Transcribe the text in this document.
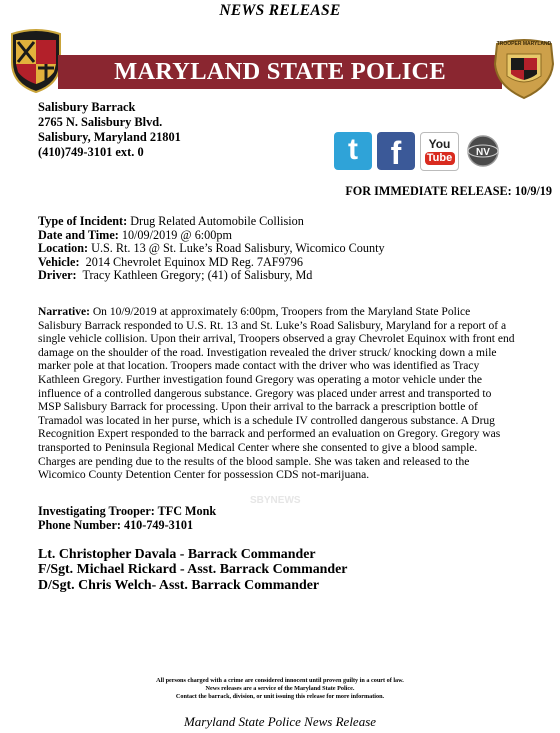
NEWS RELEASE
MARYLAND STATE POLICE
TROOPER MARYLAND
Salisbury Barrack
2765 N. Salisbury Blvd.
Salisbury, Maryland 21801
(410)749-3101 ext. 0	t	f	You
Tube NV
FOR IMMEDIATE RELEASE: 10/9/19
Type of Incident: Drug Related Automobile Collision
Date and Time: 10/09/2019 @ 6:00pm
Location: U.S. Rt. 13 @ St. Luke’s Road Salisbury, Wicomico County
Vehicle: 2014 Chevrolet Equinox MD Reg. 7AF9796
Driver: Tracy Kathleen Gregory; (41) of Salisbury, Md
Narrative: On 10/9/2019 at approximately 6:00pm, Troopers from the Maryland State Police
Salisbury Barrack responded to U.S. Rt. 13 and St. Luke’s Road Salisbury, Maryland for a report of a
single vehicle collision. Upon their arrival, Troopers observed a gray Chevrolet Equinox with front end
damage on the shoulder of the road. Investigation revealed the driver struck/ knocking down a mile
marker pole at that location. Troopers made contact with the driver who was identified as Tracy
Kathleen Gregory. Further investigation found Gregory was operating a motor vehicle under the
influence of a controlled dangerous substance. Gregory was placed under arrest and transported to
MSP Salisbury Barrack for processing. Upon their arrival to the barrack a prescription bottle of
Tramadol was located in her purse, which is a schedule IV controlled dangerous substance. A Drug
Recognition Expert responded to the barrack and performed an evaluation on Gregory. Gregory was
transported to Peninsula Regional Medical Center where she consented to give a blood sample.
Charges are pending due to the results of the blood sample. She was taken and released to the
Wicomico County Detention Center for possession CDS not-marijuana.
SBYNEWS
Investigating Trooper: TFC Monk
Phone Number: 410-749-3101
Lt. Christopher Davala - Barrack Commander
F/Sgt. Michael Rickard - Asst. Barrack Commander
D/Sgt. Chris Welch- Asst. Barrack Commander
All persons charged with a crime are considered innocent until proven guilty in a court of law.
News releases are a service of the Maryland State Police.
Contact the barrack, division, or unit issuing this release for more information.
Maryland State Police News Release
